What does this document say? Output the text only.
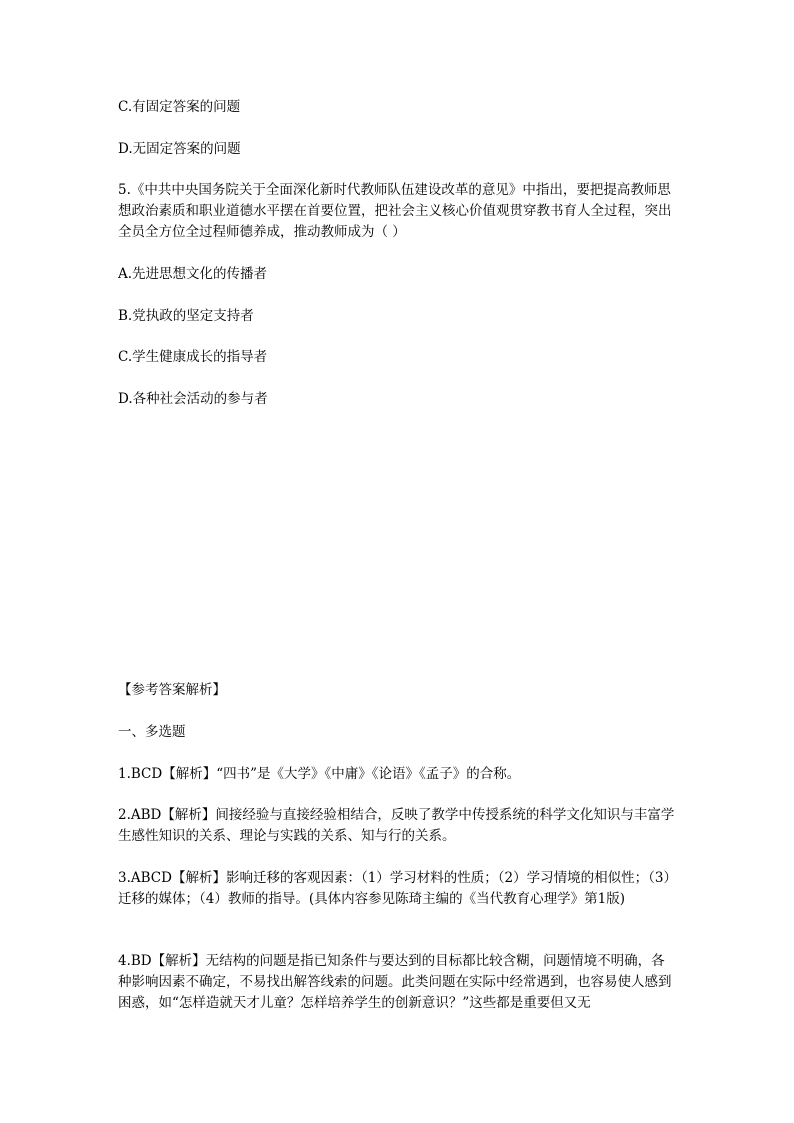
C.有固定答案的问题
D.无固定答案的问题
5.《中共中央国务院关于全面深化新时代教师队伍建设改革的意见》中指出，要把提高教师思想政治素质和职业道德水平摆在首要位置，把社会主义核心价值观贯穿教书育人全过程，突出全员全方位全过程师德养成，推动教师成为（ ）
A.先进思想文化的传播者
B.党执政的坚定支持者
C.学生健康成长的指导者
D.各种社会活动的参与者
【参考答案解析】
一、多选题
1.BCD【解析】“四书”是《大学》《中庸》《论语》《孟子》的合称。
2.ABD【解析】间接经验与直接经验相结合，反映了教学中传授系统的科学文化知识与丰富学生感性知识的关系、理论与实践的关系、知与行的关系。
3.ABCD【解析】影响迁移的客观因素：（1）学习材料的性质；（2）学习情境的相似性；（3）迁移的媒体；（4）教师的指导。(具体内容参见陈琦主编的《当代教育心理学》第1版)
4.BD【解析】无结构的问题是指已知条件与要达到的目标都比较含糊，问题情境不明确，各种影响因素不确定，不易找出解答线索的问题。此类问题在实际中经常遇到，也容易使人感到困惑，如“怎样造就天才儿童？怎样培养学生的创新意识？”这些都是重要但又无
